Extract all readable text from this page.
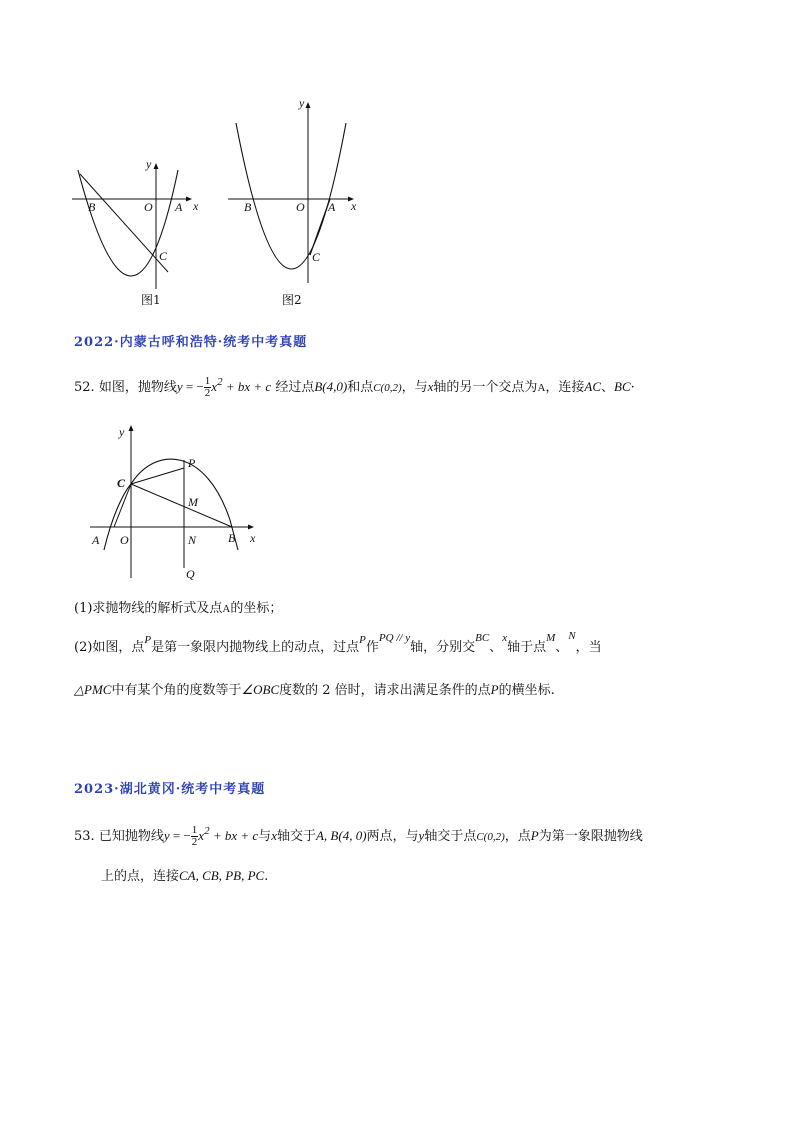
y
x
B	O A
C
图1
y
x
B	O A
C
图2
2022·内蒙古呼和浩特·统考中考真题
52. 如图，抛物线y = − $\frac{1}{2} x^2$ + bx + c 经过点B(4,0)和点C(0,2)，与x轴的另一个交点为A，连接AC、BC·
y
C
P
M
A O	N	B x
Q
(1)求抛物线的解析式及点A的坐标；
(2)如图，点$^P$是第一象限内抛物线上的动点，过点$^P$作$^{PQ // y}$轴，分别交$^{BC}$、$^x$轴于点$^M$、$^N$，当
△PMC中有某个角的度数等于∠OBC度数的 2 倍时，请求出满足条件的点P的横坐标.
2023·湖北黄冈·统考中考真题
53. 已知抛物线y = − $\frac{1}{2} x^2$ + bx + c与x轴交于A, B(4, 0)两点，与y轴交于点C(0,2)，点P为第一象限抛物线
上的点，连接CA, CB, PB, PC.
